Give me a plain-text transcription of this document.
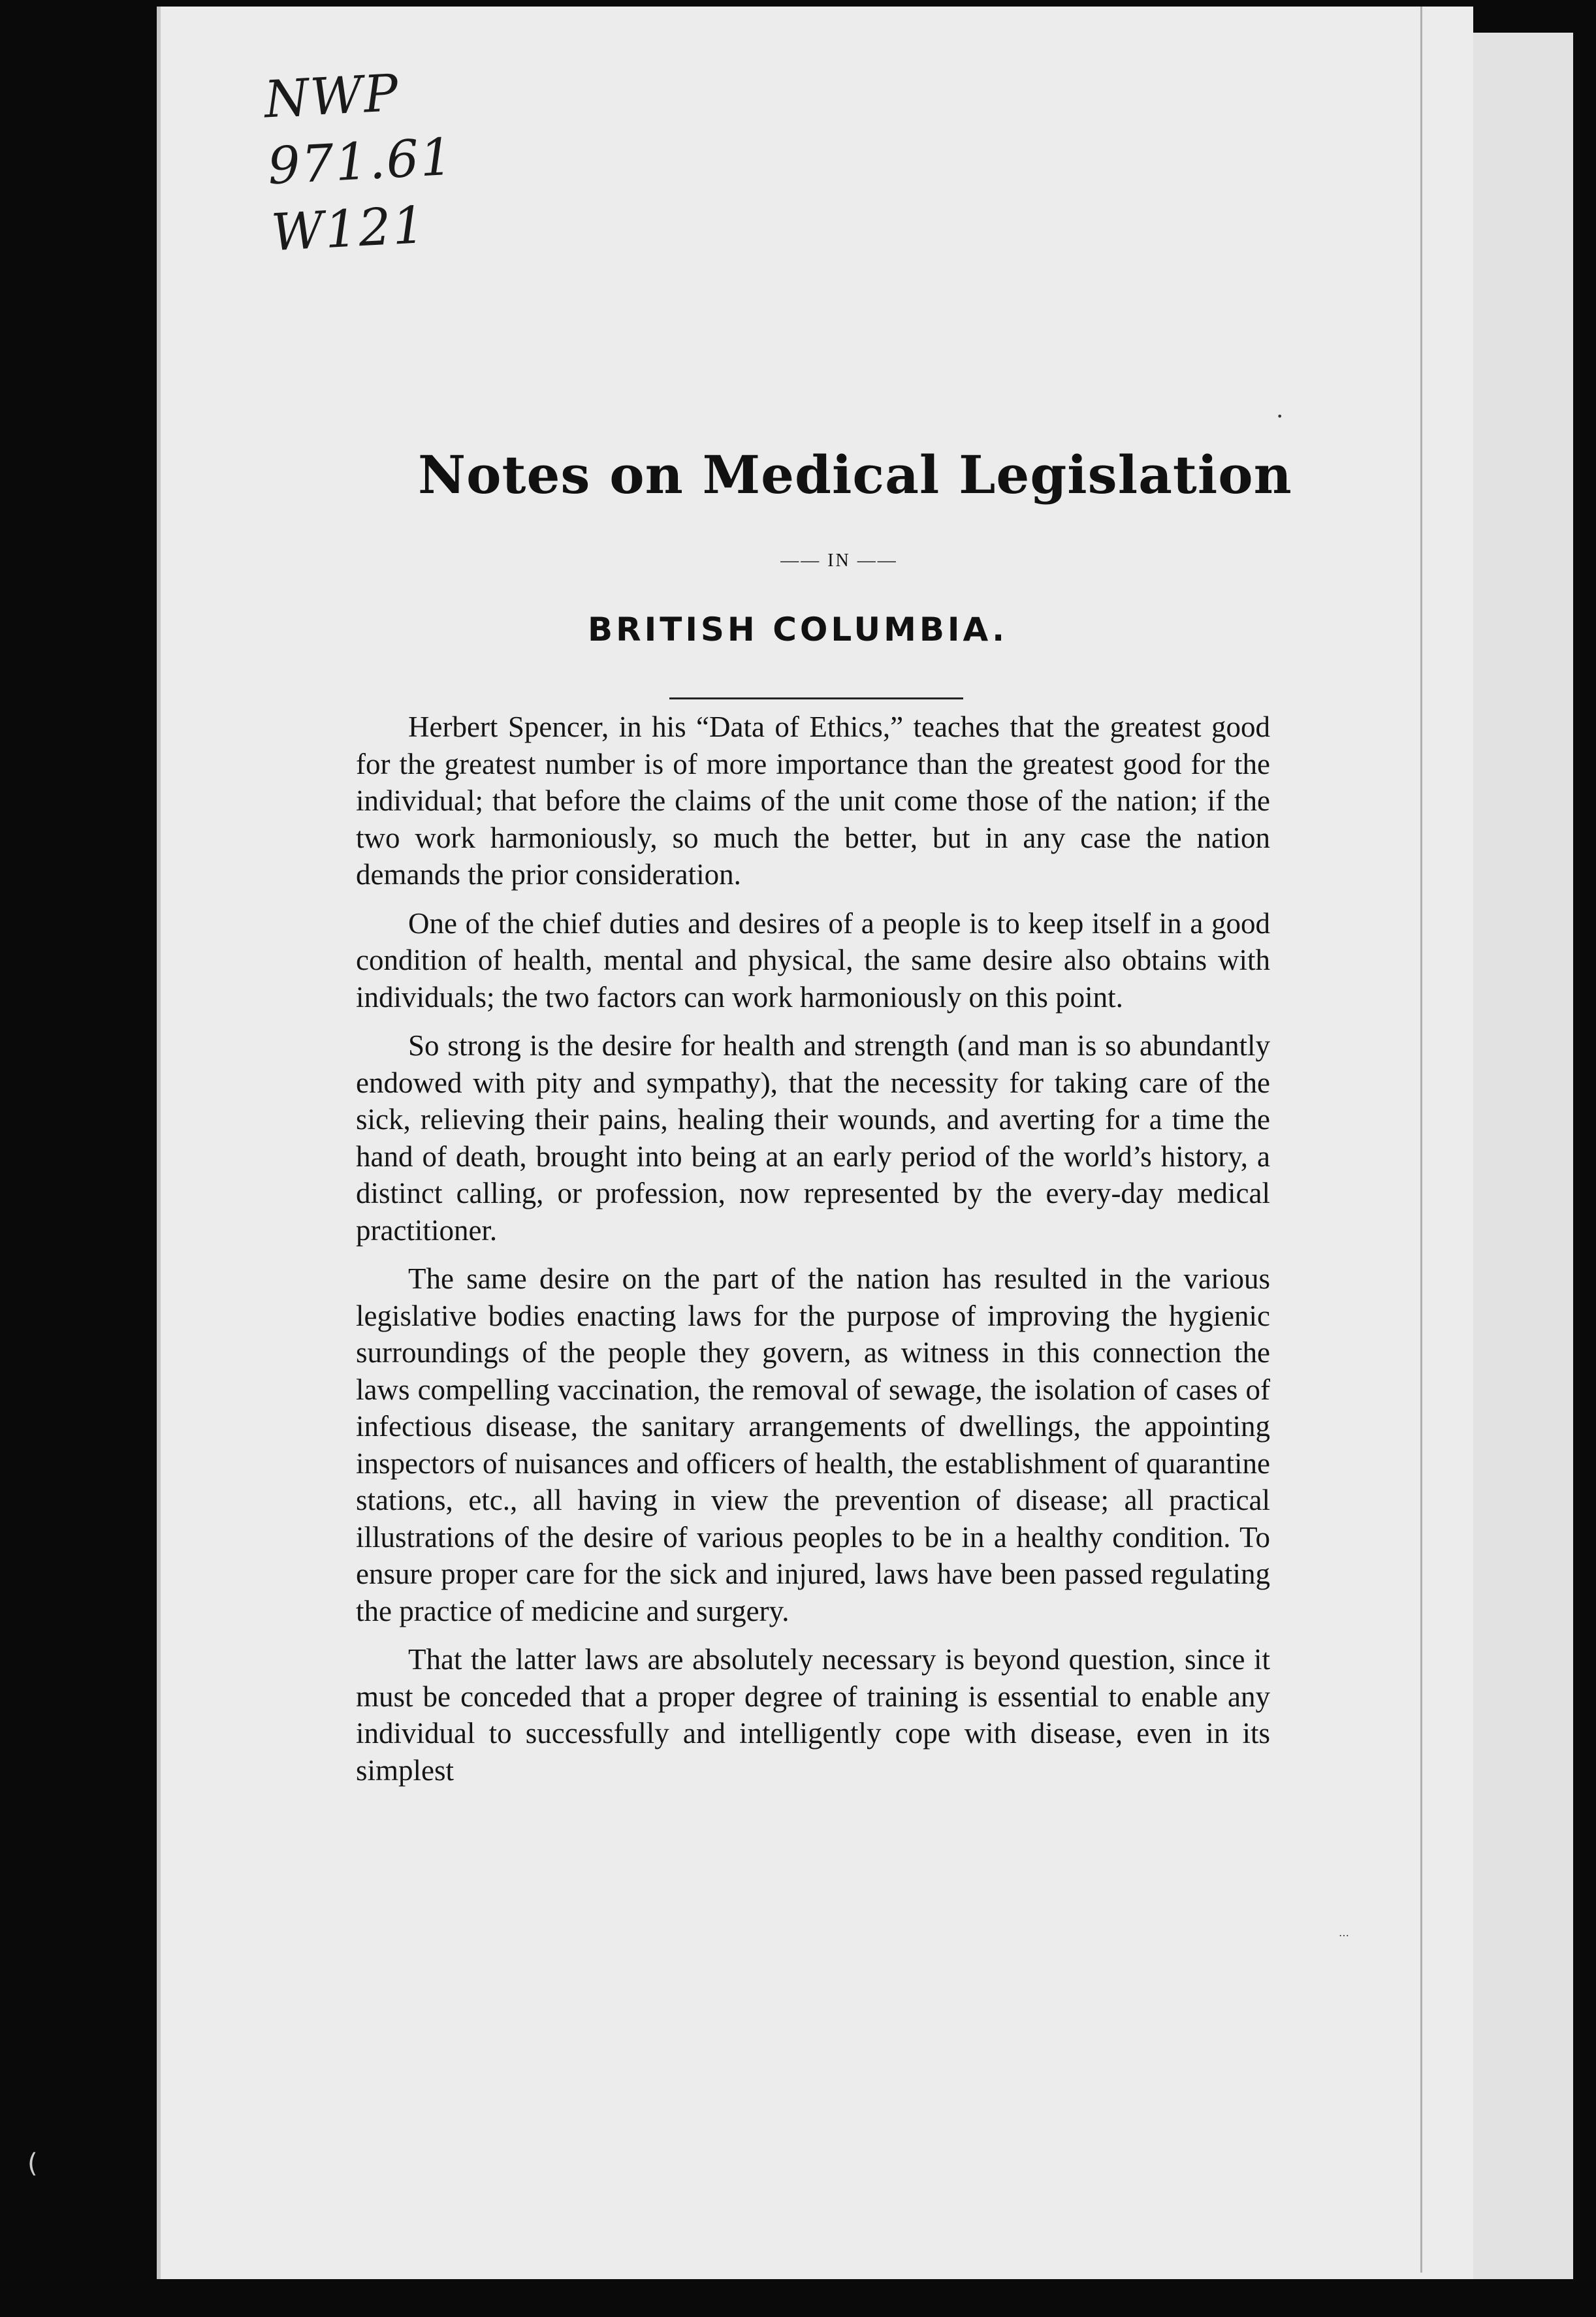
NWP
971.61
W121
Notes on Medical Legislation
—— IN ——
BRITISH COLUMBIA.

Herbert Spencer, in his “Data of Ethics,” teaches that the greatest good for the greatest number is of more importance than the greatest good for the individual; that before the claims of the unit come those of the nation; if the two work harmoniously, so much the better, but in any case the nation demands the prior consideration.

One of the chief duties and desires of a people is to keep itself in a good condition of health, mental and physical, the same desire also obtains with individuals; the two factors can work harmoniously on this point.

So strong is the desire for health and strength (and man is so abundantly endowed with pity and sympathy), that the necessity for taking care of the sick, relieving their pains, healing their wounds, and averting for a time the hand of death, brought into being at an early period of the world’s history, a distinct calling, or profession, now represented by the every-day medical practitioner.

The same desire on the part of the nation has resulted in the various legislative bodies enacting laws for the purpose of improving the hygienic surroundings of the people they govern, as witness in this connection the laws compelling vaccination, the removal of sewage, the isolation of cases of infectious disease, the sanitary arrangements of dwellings, the appointing inspectors of nuisances and officers of health, the establishment of quarantine stations, etc., all having in view the prevention of disease; all practical illustrations of the desire of various peoples to be in a healthy condition. To ensure proper care for the sick and injured, laws have been passed regulating the practice of medicine and surgery.

That the latter laws are absolutely necessary is beyond question, since it must be conceded that a proper degree of training is essential to enable any individual to successfully and intelligently cope with disease, even in its simplest

•
…
(
